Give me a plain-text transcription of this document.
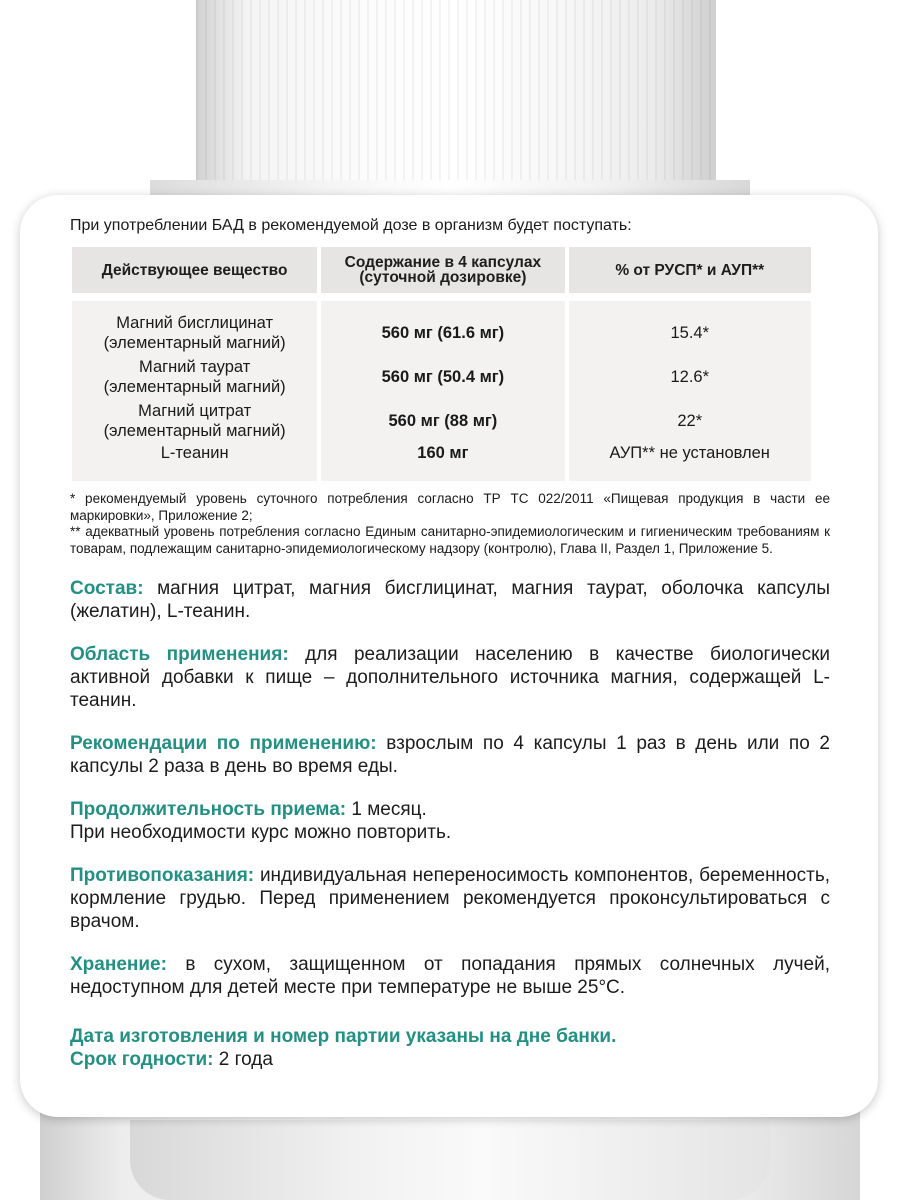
При употреблении БАД в рекомендуемой дозе в организм будет поступать:
Действующее вещество	Содержание в 4 капсулах (суточной дозировке)	% от РУСП* и АУП**

Магний бисглицинат
(элементарный магний)	560 мг (61.6 мг)	15.4*
Магний таурат
(элементарный магний)	560 мг (50.4 мг)	12.6*
Магний цитрат
(элементарный магний)	560 мг (88 мг)	22*
L-теанин	160 мг	АУП** не установлен
* рекомендуемый уровень суточного потребления согласно ТР ТС 022/2011 «Пищевая продукция в части ее маркировки», Приложение 2;
** адекватный уровень потребления согласно Единым санитарно-эпидемиологическим и гигиеническим требованиям к товарам, подлежащим санитарно-эпидемиологическому надзору (контролю), Глава II, Раздел 1, Приложение 5.
Состав: магния цитрат, магния бисглицинат, магния таурат, оболочка капсулы (желатин), L-теанин.
Область применения: для реализации населению в качестве биологически активной добавки к пище – дополнительного источника магния, содержащей L-теанин.
Рекомендации по применению: взрослым по 4 капсулы 1 раз в день или по 2 капсулы 2 раза в день во время еды.
Продолжительность приема: 1 месяц.
При необходимости курс можно повторить.
Противопоказания: индивидуальная непереносимость компонентов, беременность, кормление грудью. Перед применением рекомендуется проконсультироваться с врачом.
Хранение: в сухом, защищенном от попадания прямых солнечных лучей, недоступном для детей месте при температуре не выше 25°С.
Дата изготовления и номер партии указаны на дне банки.
Срок годности: 2 года
